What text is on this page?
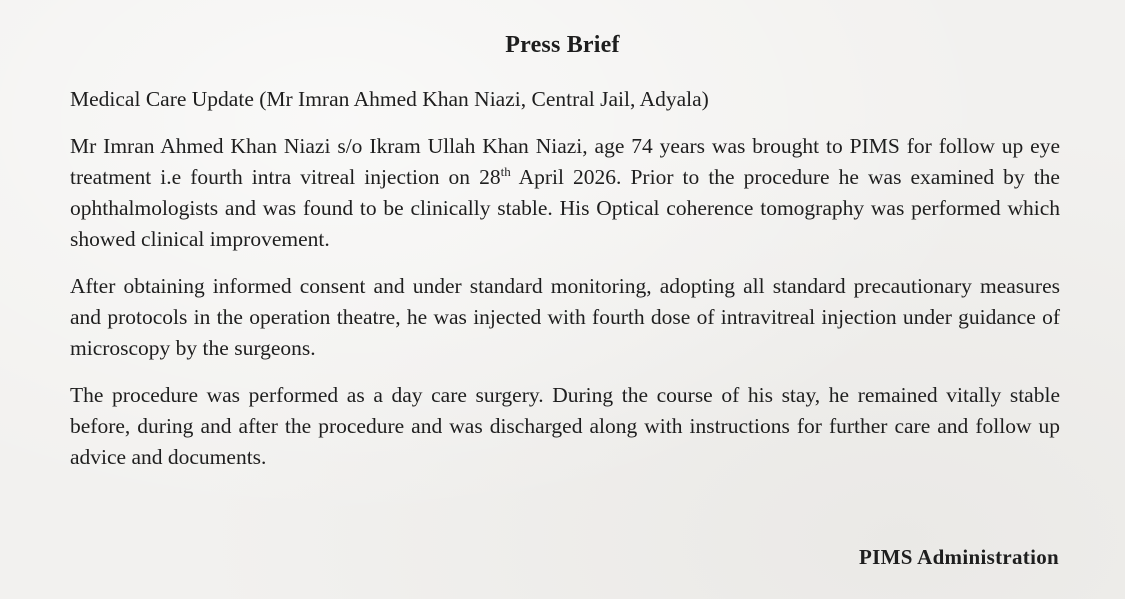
Press Brief

Medical Care Update (Mr Imran Ahmed Khan Niazi, Central Jail, Adyala)

Mr Imran Ahmed Khan Niazi s/o Ikram Ullah Khan Niazi, age 74 years was brought to PIMS for follow up eye treatment i.e fourth intra vitreal injection on 28th April 2026. Prior to the procedure he was examined by the ophthalmologists and was found to be clinically stable. His Optical coherence tomography was performed which showed clinical improvement.

After obtaining informed consent and under standard monitoring, adopting all standard precautionary measures and protocols in the operation theatre, he was injected with fourth dose of intravitreal injection under guidance of microscopy by the surgeons.

The procedure was performed as a day care surgery. During the course of his stay, he remained vitally stable before, during and after the procedure and was discharged along with instructions for further care and follow up advice and documents.

PIMS Administration
